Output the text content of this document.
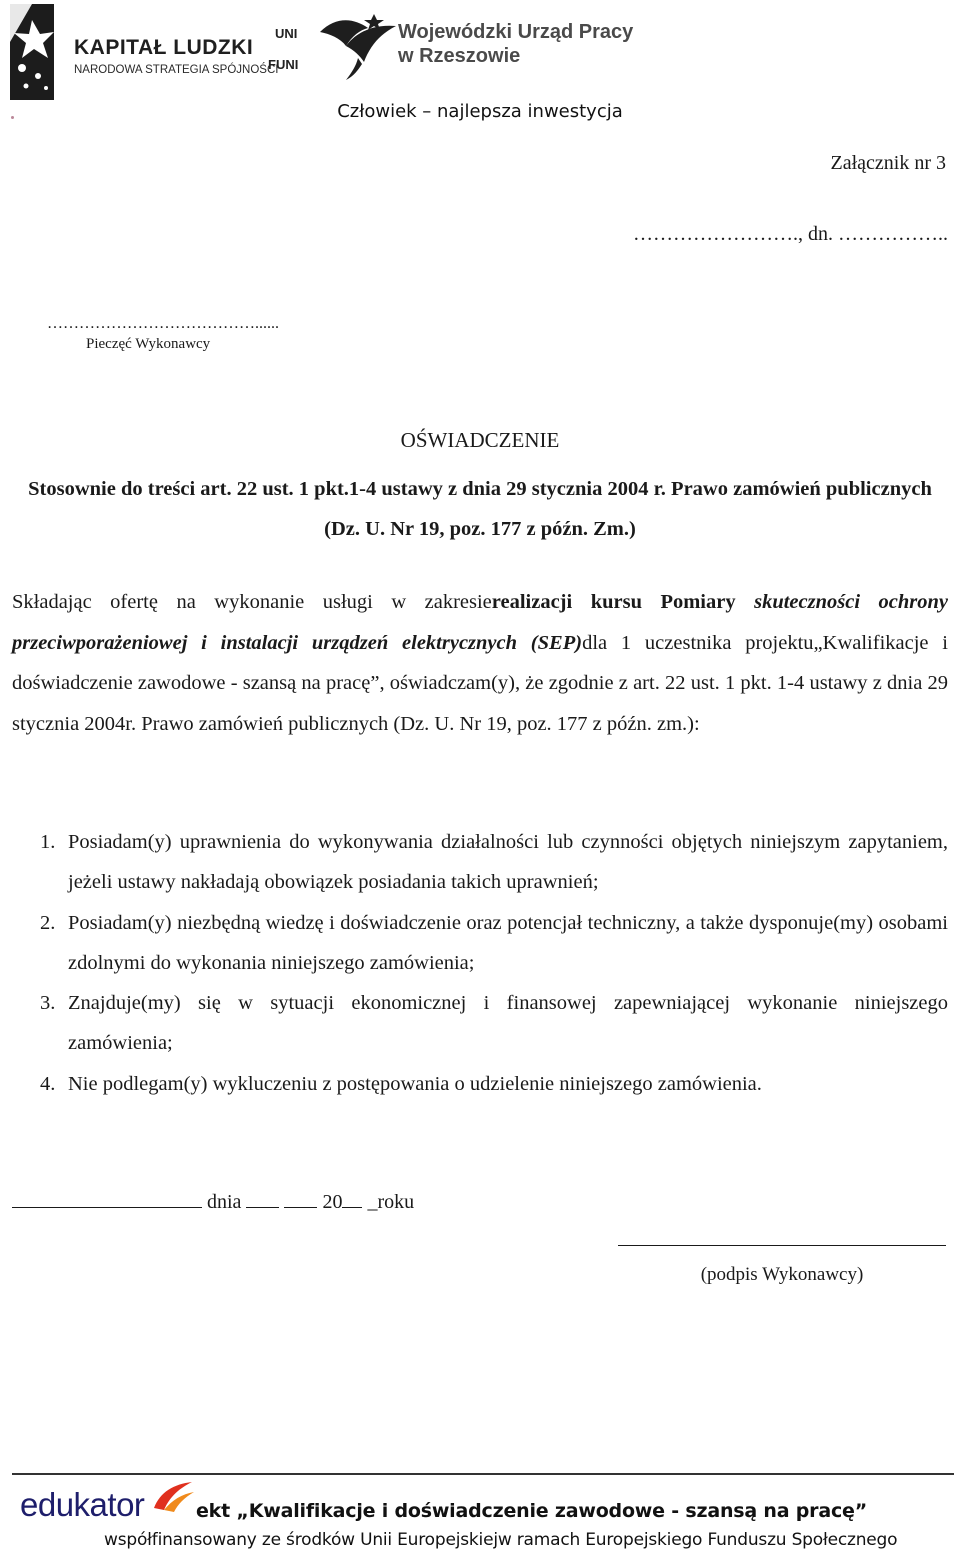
KAPITAŁ LUDZKI
NARODOWA STRATEGIA SPÓJNOŚCI
UNI
FUNI
Wojewódzki Urząd Pracy
w Rzeszowie
Człowiek – najlepsza inwestycja
Załącznik nr 3
……………………., dn. ……………..
…………………………………......
Pieczęć Wykonawcy
OŚWIADCZENIE
Stosownie do treści art. 22 ust. 1 pkt.1-4 ustawy z dnia 29 stycznia 2004 r. Prawo zamówień publicznych (Dz. U. Nr 19, poz. 177 z późn. Zm.)

Składając ofertę na wykonanie usługi w zakresierealizacji kursu Pomiary skuteczności ochrony przeciwporażeniowej i instalacji urządzeń elektrycznych (SEP)dla 1 uczestnika projektu„Kwalifikacje i doświadczenie zawodowe - szansą na pracę”, oświadczam(y), że zgodnie z art. 22 ust. 1 pkt. 1-4 ustawy z dnia 29 stycznia 2004r. Prawo zamówień publicznych (Dz. U. Nr 19, poz. 177 z późn. zm.):

1. Posiadam(y) uprawnienia do wykonywania działalności lub czynności objętych niniejszym zapytaniem, jeżeli ustawy nakładają obowiązek posiadania takich uprawnień;
2. Posiadam(y) niezbędną wiedzę i doświadczenie oraz potencjał techniczny, a także dysponuje(my) osobami zdolnymi do wykonania niniejszego zamówienia;
3. Znajduje(my) się w sytuacji ekonomicznej i finansowej zapewniającej wykonanie niniejszego zamówienia;
4. Nie podlegam(y) wykluczeniu z postępowania o udzielenie niniejszego zamówienia.
dnia	20 _roku
(podpis Wykonawcy)
edukator	ekt „Kwalifikacje i doświadczenie zawodowe - szansą na pracę”
współfinansowany ze środków Unii Europejskiejw ramach Europejskiego Funduszu Społecznego
